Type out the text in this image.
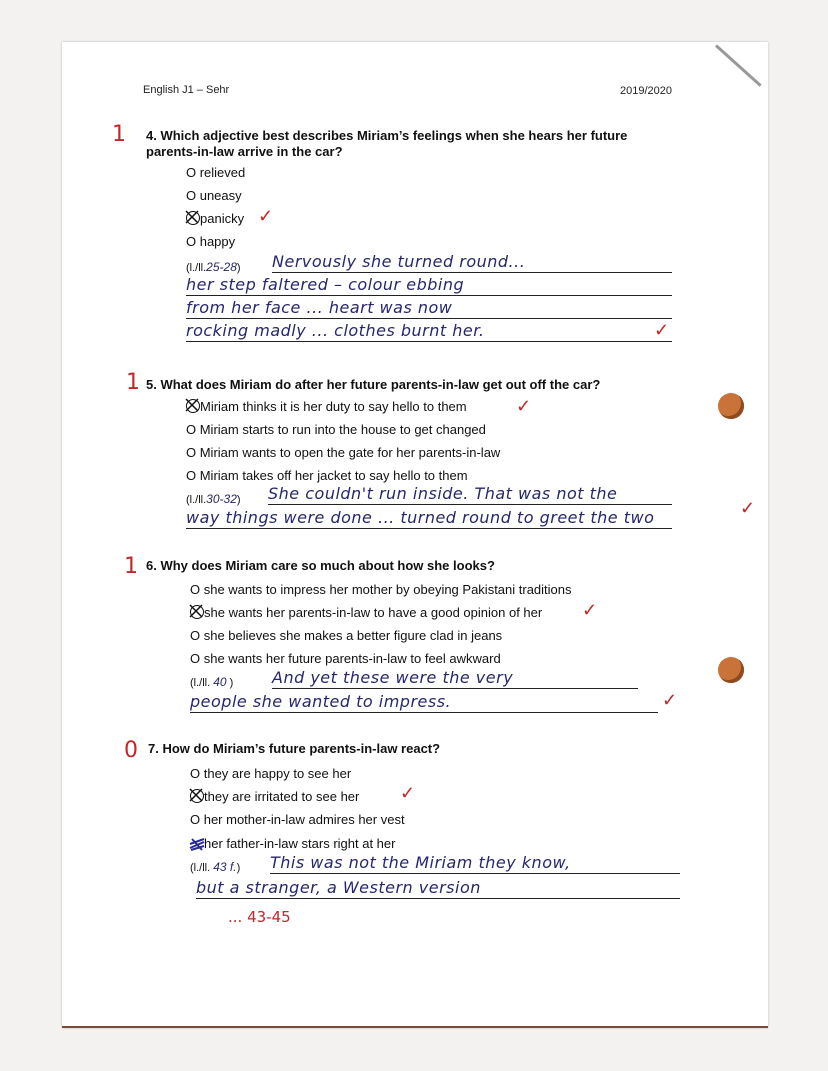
English J1 – Sehr	2019/2020
1 4. Which adjective best describes Miriam’s feelings when she hears her future
parents-in-law arrive in the car?
O relieved
O uneasy
panicky ✓
O happy
(l./ll.25-28) Nervously she turned round...
her step faltered – colour ebbing
from her face ... heart was now
rocking madly ... clothes burnt her.	✓
1 5. What does Miriam do after her future parents-in-law get out off the car?
Miriam thinks it is her duty to say hello to them	✓
O Miriam starts to run into the house to get changed
O Miriam wants to open the gate for her parents-in-law
O Miriam takes off her jacket to say hello to them
(l./ll.30-32) She couldn't run inside. That was not the
way things were done ... turned round to greet the two	✓
1 6. Why does Miriam care so much about how she looks?
O she wants to impress her mother by obeying Pakistani traditions
she wants her parents-in-law to have a good opinion of her ✓
O she believes she makes a better figure clad in jeans
O she wants her future parents-in-law to feel awkward
(l./ll. 40 ) And yet these were the very
people she wanted to impress.	✓
0 7. How do Miriam’s future parents-in-law react?
O they are happy to see her
they are irritated to see her ✓
O her mother-in-law admires her vest
her father-in-law stars right at her
(l./ll. 43 f.) This was not the Miriam they know,
but a stranger, a Western version
... 43-45
